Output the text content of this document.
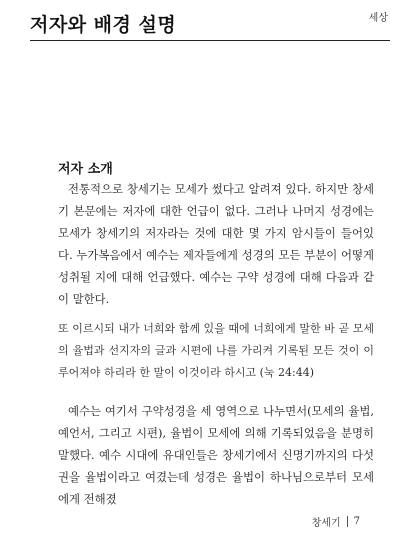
저자와 배경 설명	세상
저자 소개

전통적으로 창세기는 모세가 썼다고 알려져 있다. 하지만 창세기 본문에는 저자에 대한 언급이 없다. 그러나 나머지 성경에는 모세가 창세기의 저자라는 것에 대한 몇 가지 암시들이 들어있다. 누가복음에서 예수는 제자들에게 성경의 모든 부분이 어떻게 성취될 지에 대해 언급했다. 예수는 구약 성경에 대해 다음과 같이 말한다.

또 이르시되 내가 너희와 함께 있을 때에 너희에게 말한 바 곧 모세의 율법과 선지자의 글과 시편에 나를 가리켜 기록된 모든 것이 이루어져야 하리라 한 말이 이것이라 하시고 (눅 24:44)

예수는 여기서 구약성경을 세 영역으로 나누면서(모세의 율법, 예언서, 그리고 시편), 율법이 모세에 의해 기록되었음을 분명히 말했다. 예수 시대에 유대인들은 창세기에서 신명기까지의 다섯 권을 율법이라고 여겼는데 성경은 율법이 하나님으로부터 모세에게 전해졌

창세기 7
